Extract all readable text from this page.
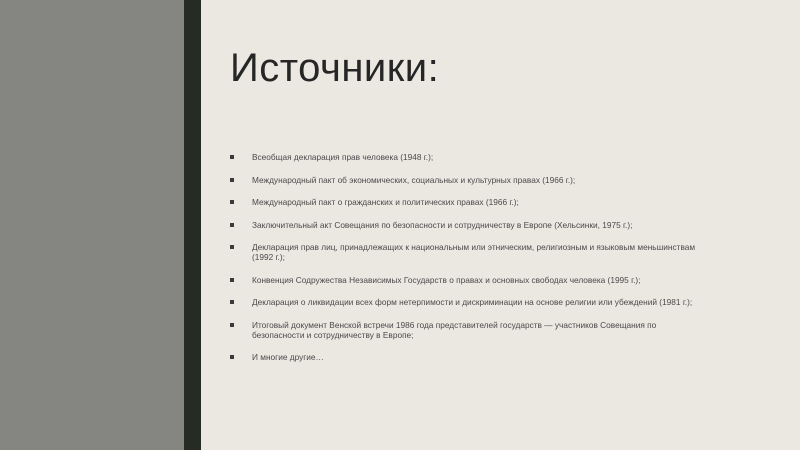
Источники:
Всеобщая декларация прав человека (1948 г.);
Международный пакт об экономических, социальных и культурных правах (1966 г.);
Международный пакт о гражданских и политических правах (1966 г.);
Заключительный акт Совещания по безопасности и сотрудничеству в Европе (Хельсинки, 1975 г.);
Декларация прав лиц, принадлежащих к национальным или этническим, религиозным и языковым меньшинствам (1992 г.);
Конвенция Содружества Независимых Государств о правах и основных свободах человека (1995 г.);
Декларация о ликвидации всех форм нетерпимости и дискриминации на основе религии или убеждений (1981 г.);
Итоговый документ Венской встречи 1986 года представителей государств — участников Совещания по безопасности и сотрудничеству в Европе;
И многие другие…
